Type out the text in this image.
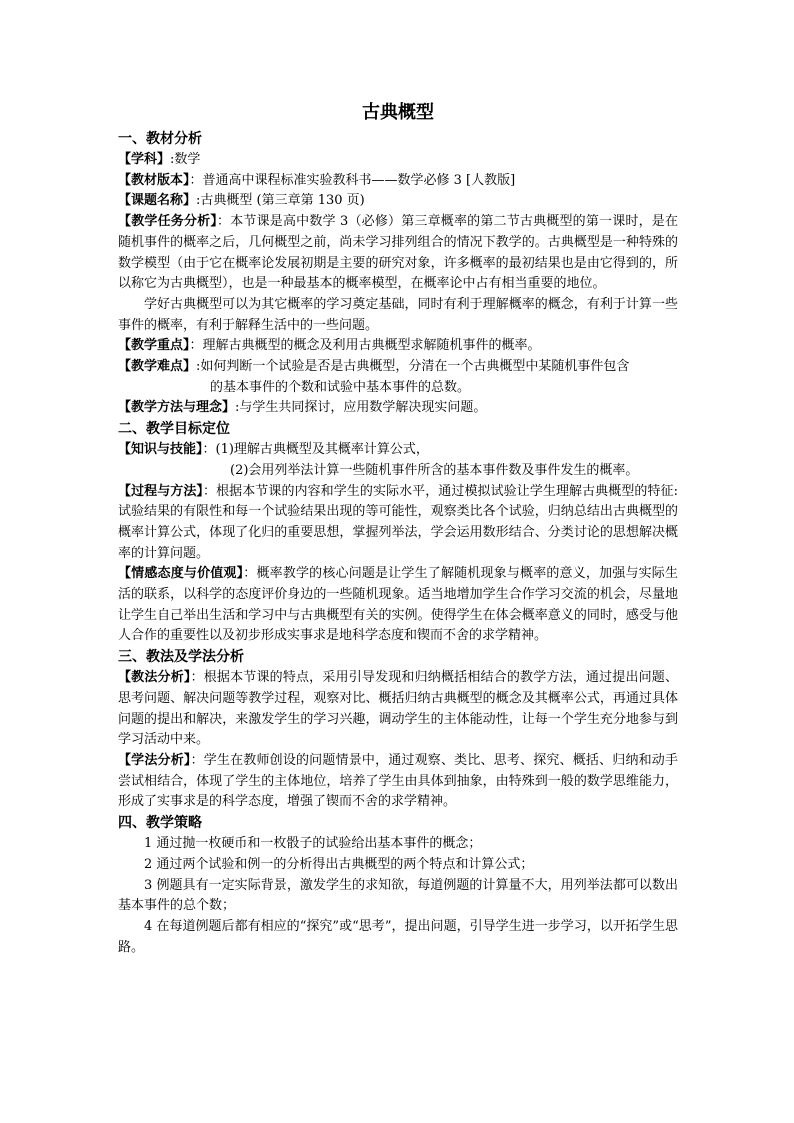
古典概型
一、教材分析

【学科】:数学

【教材版本】：普通高中课程标准实验教科书——数学必修 3 [人教版]

【课题名称】:古典概型 (第三章第 130 页)

【教学任务分析】：本节课是高中数学 3（必修）第三章概率的第二节古典概型的第一课时，是在随机事件的概率之后，几何概型之前，尚未学习排列组合的情况下教学的。古典概型是一种特殊的数学模型（由于它在概率论发展初期是主要的研究对象，许多概率的最初结果也是由它得到的，所以称它为古典概型），也是一种最基本的概率模型，在概率论中占有相当重要的地位。

学好古典概型可以为其它概率的学习奠定基础，同时有利于理解概率的概念，有利于计算一些事件的概率，有利于解释生活中的一些问题。

【教学重点】：理解古典概型的概念及利用古典概型求解随机事件的概率。

【教学难点】:如何判断一个试验是否是古典概型，分清在一个古典概型中某随机事件包含

的基本事件的个数和试验中基本事件的总数。

【教学方法与理念】:与学生共同探讨，应用数学解决现实问题。

二、教学目标定位

【知识与技能】：(1)理解古典概型及其概率计算公式，

(2)会用列举法计算一些随机事件所含的基本事件数及事件发生的概率。

【过程与方法】：根据本节课的内容和学生的实际水平，通过模拟试验让学生理解古典概型的特征: 试验结果的有限性和每一个试验结果出现的等可能性，观察类比各个试验，归纳总结出古典概型的概率计算公式，体现了化归的重要思想，掌握列举法，学会运用数形结合、分类讨论的思想解决概率的计算问题。

【情感态度与价值观】：概率教学的核心问题是让学生了解随机现象与概率的意义，加强与实际生活的联系，以科学的态度评价身边的一些随机现象。适当地增加学生合作学习交流的机会，尽量地让学生自己举出生活和学习中与古典概型有关的实例。使得学生在体会概率意义的同时，感受与他人合作的重要性以及初步形成实事求是地科学态度和锲而不舍的求学精神。

三、教法及学法分析

【教法分析】：根据本节课的特点，采用引导发现和归纳概括相结合的教学方法，通过提出问题、思考问题、解决问题等教学过程，观察对比、概括归纳古典概型的概念及其概率公式，再通过具体问题的提出和解决，来激发学生的学习兴趣，调动学生的主体能动性，让每一个学生充分地参与到学习活动中来。

【学法分析】：学生在教师创设的问题情景中，通过观察、类比、思考、探究、概括、归纳和动手尝试相结合，体现了学生的主体地位，培养了学生由具体到抽象，由特殊到一般的数学思维能力，形成了实事求是的科学态度，增强了锲而不舍的求学精神。

四、教学策略

1 通过抛一枚硬币和一枚骰子的试验给出基本事件的概念；

2 通过两个试验和例一的分析得出古典概型的两个特点和计算公式；

3 例题具有一定实际背景，激发学生的求知欲，每道例题的计算量不大，用列举法都可以数出基本事件的总个数；

4 在每道例题后都有相应的“探究”或“思考”，提出问题，引导学生进一步学习，以开拓学生思路。
